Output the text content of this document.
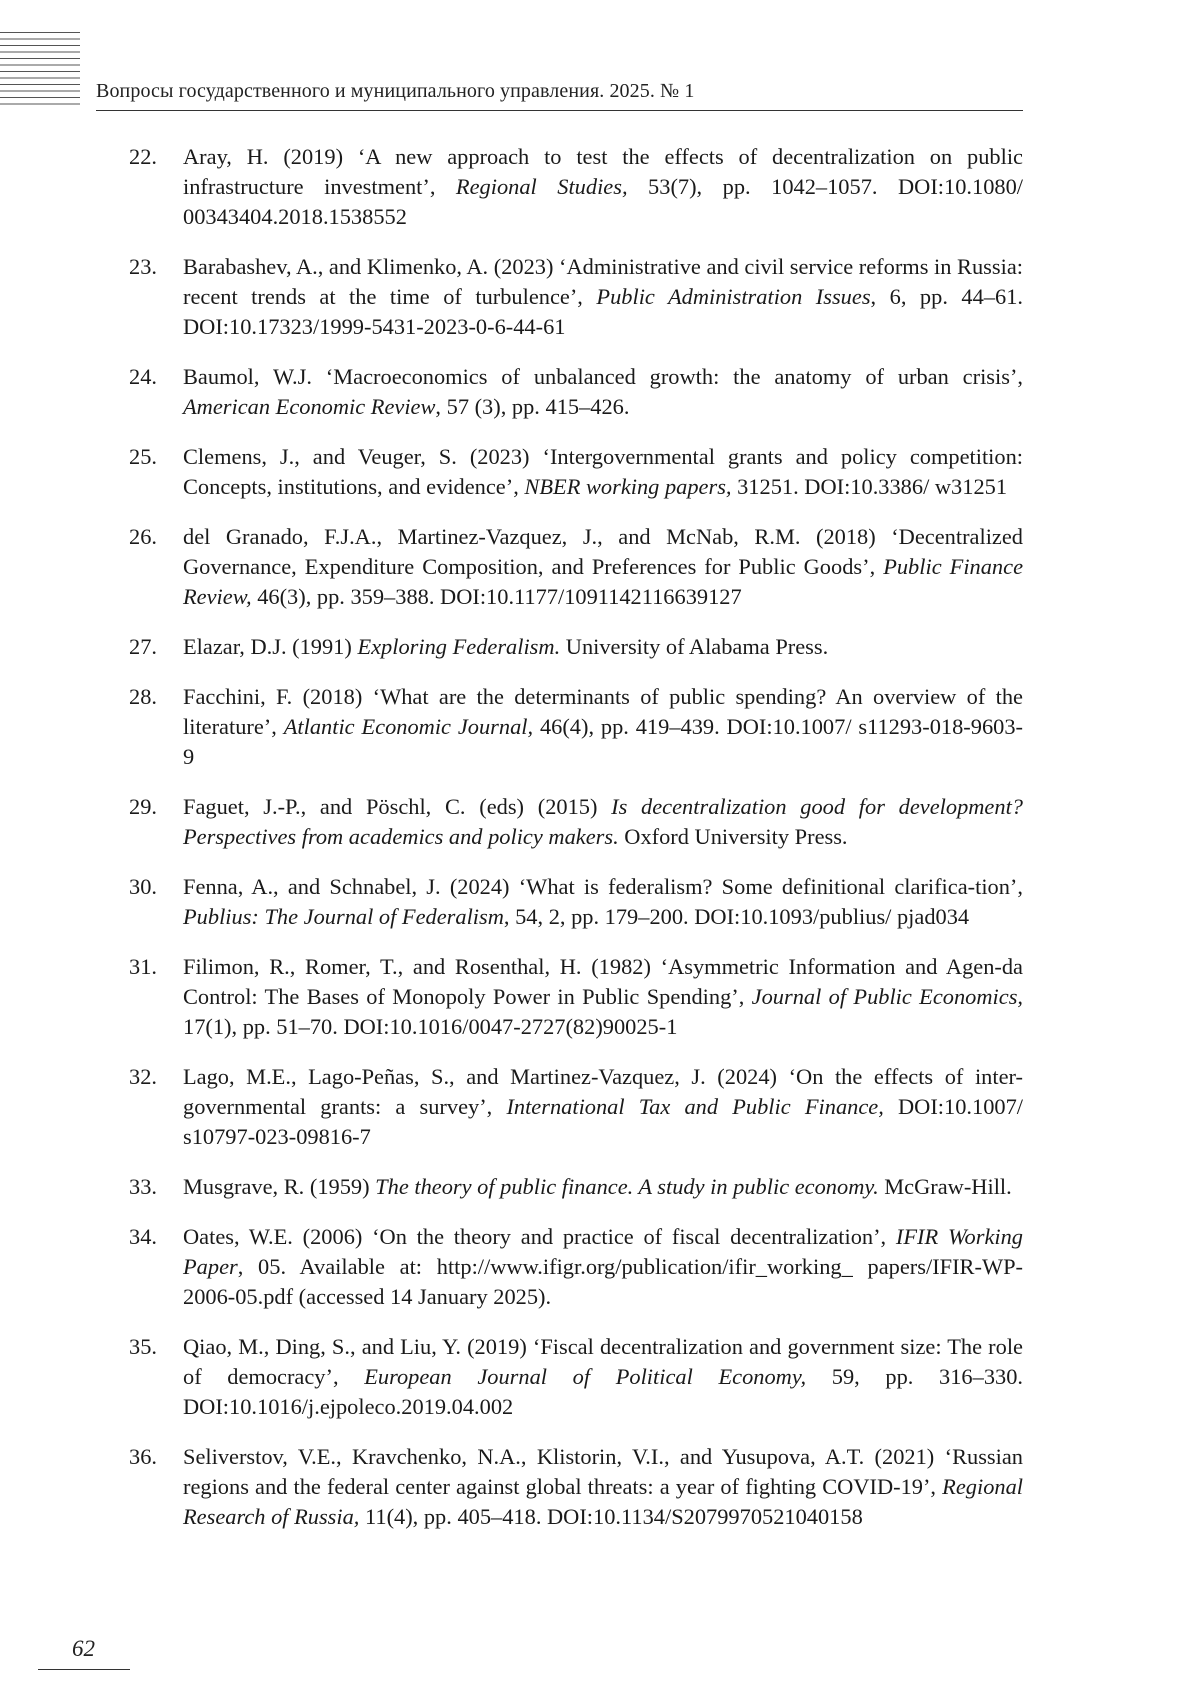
Вопросы государственного и муниципального управления. 2025. № 1
22. Aray, H. (2019) ‘A new approach to test the effects of decentralization on public infrastructure investment’, Regional Studies, 53(7), pp. 1042–1057. DOI:10.1080/ 00343404.2018.1538552
23. Barabashev, A., and Klimenko, A. (2023) ‘Administrative and civil service reforms in Russia: recent trends at the time of turbulence’, Public Administration Issues, 6, pp. 44–61. DOI:10.17323/1999-5431-2023-0-6-44-61
24. Baumol, W.J. ‘Macroeconomics of unbalanced growth: the anatomy of urban crisis’, American Economic Review, 57 (3), pp. 415–426.
25. Clemens, J., and Veuger, S. (2023) ‘Intergovernmental grants and policy competition: Concepts, institutions, and evidence’, NBER working papers, 31251. DOI:10.3386/ w31251
26. del Granado, F.J.A., Martinez-Vazquez, J., and McNab, R.M. (2018) ‘Decentralized Governance, Expenditure Composition, and Preferences for Public Goods’, Public Finance Review, 46(3), pp. 359–388. DOI:10.1177/1091142116639127
27. Elazar, D.J. (1991) Exploring Federalism. University of Alabama Press.
28. Facchini, F. (2018) ‘What are the determinants of public spending? An overview of the literature’, Atlantic Economic Journal, 46(4), pp. 419–439. DOI:10.1007/ s11293-018-9603-9
29. Faguet, J.-P., and Pöschl, C. (eds) (2015) Is decentralization good for development? Perspectives from academics and policy makers. Oxford University Press.
30. Fenna, A., and Schnabel, J. (2024) ‘What is federalism? Some definitional clarifica-tion’, Publius: The Journal of Federalism, 54, 2, pp. 179–200. DOI:10.1093/publius/ pjad034
31. Filimon, R., Romer, T., and Rosenthal, H. (1982) ‘Asymmetric Information and Agen-da Control: The Bases of Monopoly Power in Public Spending’, Journal of Public Economics, 17(1), pp. 51–70. DOI:10.1016/0047-2727(82)90025-1
32. Lago, M.E., Lago-Peñas, S., and Martinez-Vazquez, J. (2024) ‘On the effects of inter-governmental grants: a survey’, International Tax and Public Finance, DOI:10.1007/ s10797-023-09816-7
33. Musgrave, R. (1959) The theory of public finance. A study in public economy. McGraw-Hill.
34. Oates, W.E. (2006) ‘On the theory and practice of fiscal decentralization’, IFIR Working Paper, 05. Available at: http://www.ifigr.org/publication/ifir_working_ papers/IFIR-WP-2006-05.pdf (accessed 14 January 2025).
35. Qiao, M., Ding, S., and Liu, Y. (2019) ‘Fiscal decentralization and government size: The role of democracy’, European Journal of Political Economy, 59, pp. 316–330. DOI:10.1016/j.ejpoleco.2019.04.002
36. Seliverstov, V.E., Kravchenko, N.A., Klistorin, V.I., and Yusupova, A.T. (2021) ‘Russian regions and the federal center against global threats: a year of fighting COVID-19’, Regional Research of Russia, 11(4), pp. 405–418. DOI:10.1134/S2079970521040158
62
